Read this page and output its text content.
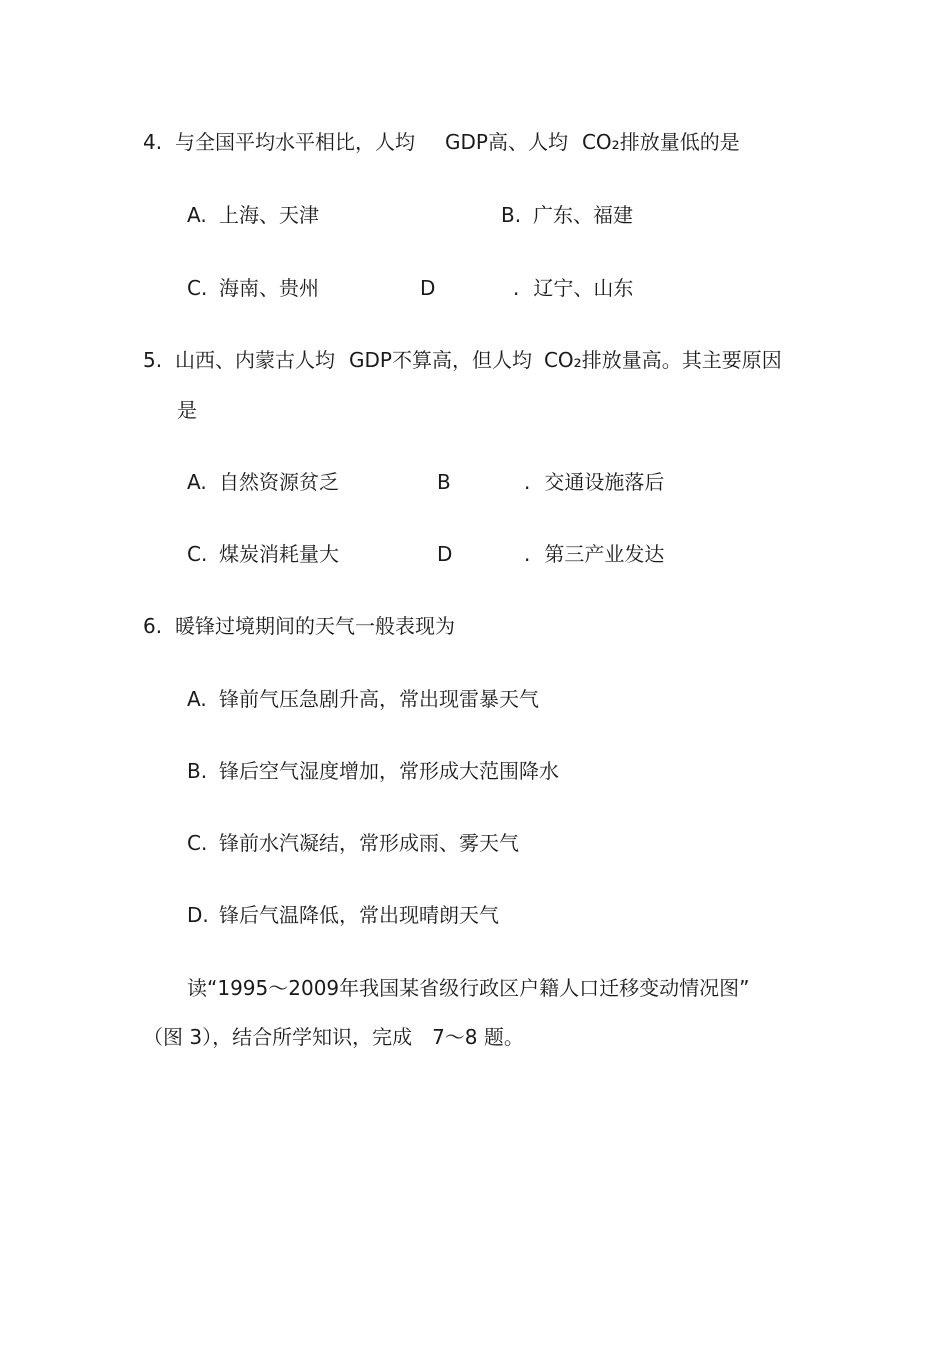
4. 与全国平均水平相比，人均 GDP高、人均 CO₂排放量低的是
A. 上海、天津	B. 广东、福建
C. 海南、贵州	D	. 辽宁、山东
5. 山西、内蒙古人均 GDP不算高，但人均 CO₂排放量高。其主要原因
是
A. 自然资源贫乏	B	. 交通设施落后
C. 煤炭消耗量大	D	. 第三产业发达
6. 暖锋过境期间的天气一般表现为
A. 锋前气压急剧升高，常出现雷暴天气
B. 锋后空气湿度增加，常形成大范围降水
C. 锋前水汽凝结，常形成雨、雾天气
D. 锋后气温降低，常出现晴朗天气
读“1995～2009年我国某省级行政区户籍人口迁移变动情况图”
（图 3），结合所学知识，完成　7～8 题。
